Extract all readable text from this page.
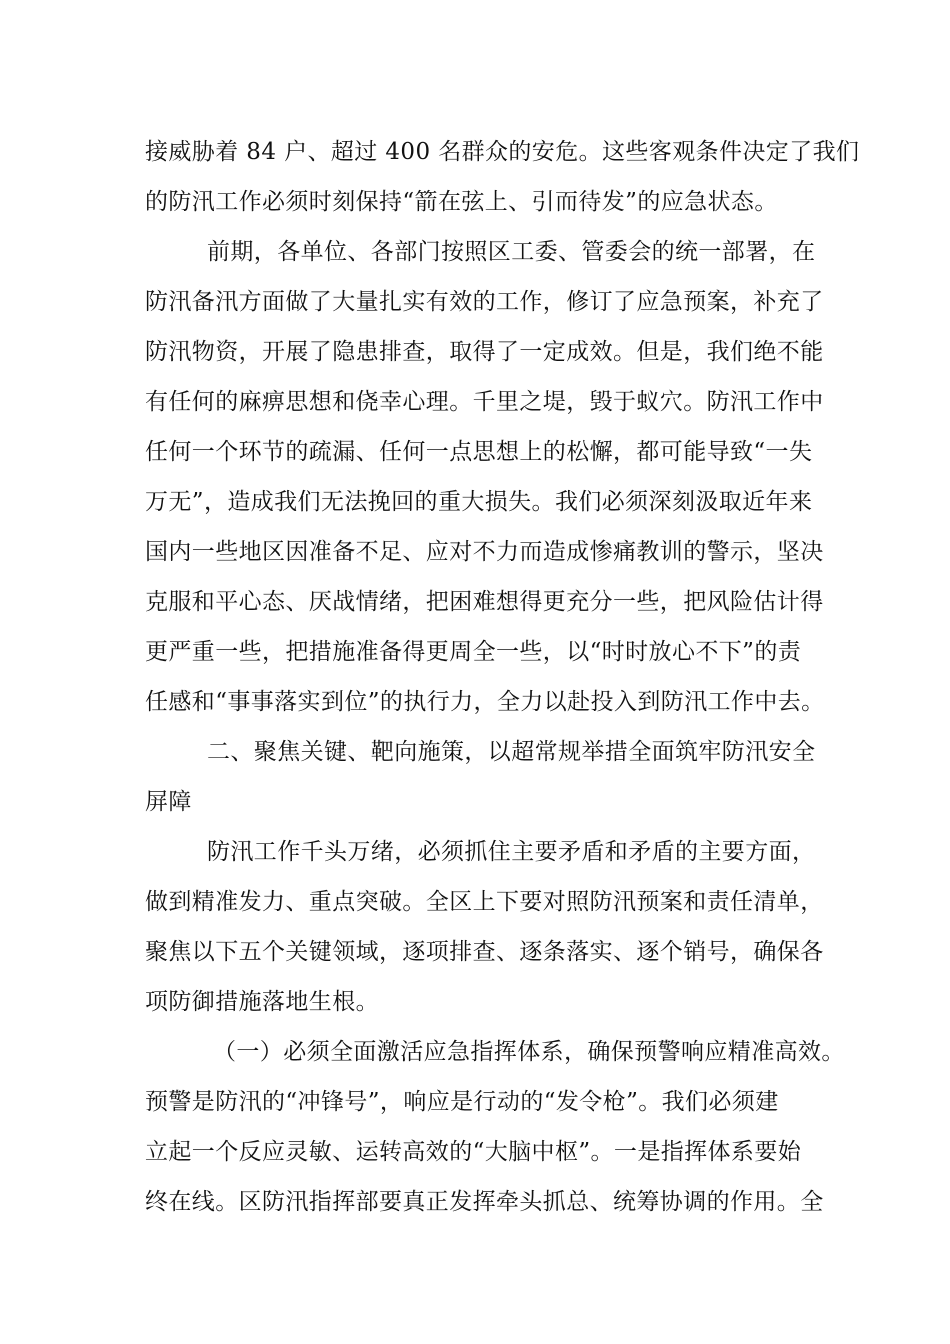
接威胁着 84 户、超过 400 名群众的安危。这些客观条件决定了我们
的防汛工作必须时刻保持“箭在弦上、引而待发”的应急状态。
前期，各单位、各部门按照区工委、管委会的统一部署，在
防汛备汛方面做了大量扎实有效的工作，修订了应急预案，补充了
防汛物资，开展了隐患排查，取得了一定成效。但是，我们绝不能
有任何的麻痹思想和侥幸心理。千里之堤，毁于蚁穴。防汛工作中
任何一个环节的疏漏、任何一点思想上的松懈，都可能导致“一失
万无”，造成我们无法挽回的重大损失。我们必须深刻汲取近年来
国内一些地区因准备不足、应对不力而造成惨痛教训的警示，坚决
克服和平心态、厌战情绪，把困难想得更充分一些，把风险估计得
更严重一些，把措施准备得更周全一些，以“时时放心不下”的责
任感和“事事落实到位”的执行力，全力以赴投入到防汛工作中去。
二、聚焦关键、靶向施策，以超常规举措全面筑牢防汛安全
屏障
防汛工作千头万绪，必须抓住主要矛盾和矛盾的主要方面，
做到精准发力、重点突破。全区上下要对照防汛预案和责任清单，
聚焦以下五个关键领域，逐项排查、逐条落实、逐个销号，确保各
项防御措施落地生根。
（一）必须全面激活应急指挥体系，确保预警响应精准高效。
预警是防汛的“冲锋号”，响应是行动的“发令枪”。我们必须建
立起一个反应灵敏、运转高效的“大脑中枢”。一是指挥体系要始
终在线。区防汛指挥部要真正发挥牵头抓总、统筹协调的作用。全
